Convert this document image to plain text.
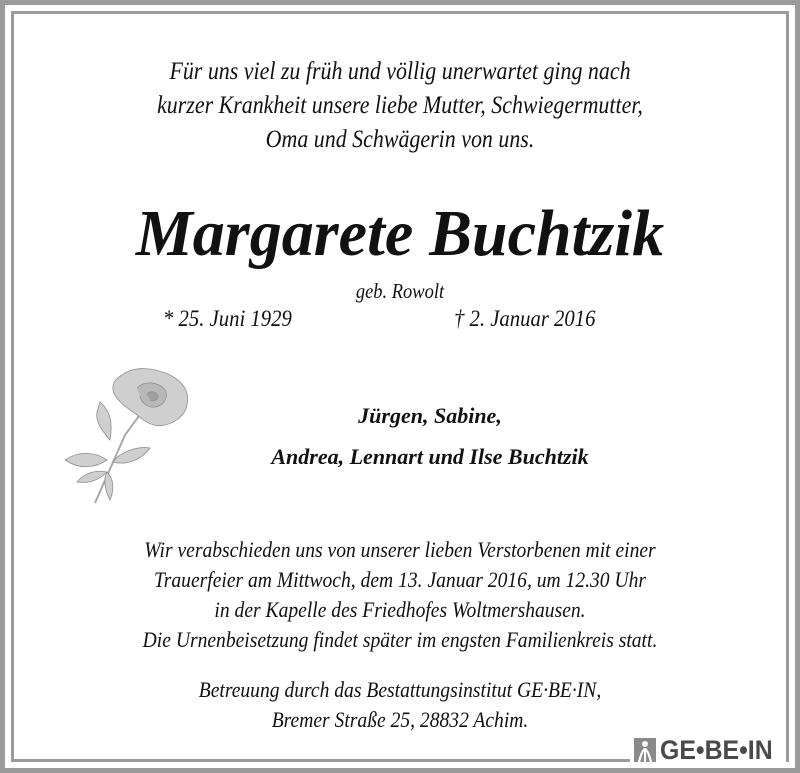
Für uns viel zu früh und völlig unerwartet ging nach
kurzer Krankheit unsere liebe Mutter, Schwiegermutter,
Oma und Schwägerin von uns.
Margarete Buchtzik
geb. Rowolt
* 25. Juni 1929	† 2. Januar 2016
Jürgen, Sabine,
Andrea, Lennart und Ilse Buchtzik
Wir verabschieden uns von unserer lieben Verstorbenen mit einer
Trauerfeier am Mittwoch, dem 13. Januar 2016, um 12.30 Uhr
in der Kapelle des Friedhofes Woltmershausen.
Die Urnenbeisetzung findet später im engsten Familienkreis statt.
Betreuung durch das Bestattungsinstitut GE·BE·IN,
Bremer Straße 25, 28832 Achim.
GE•BE•IN
